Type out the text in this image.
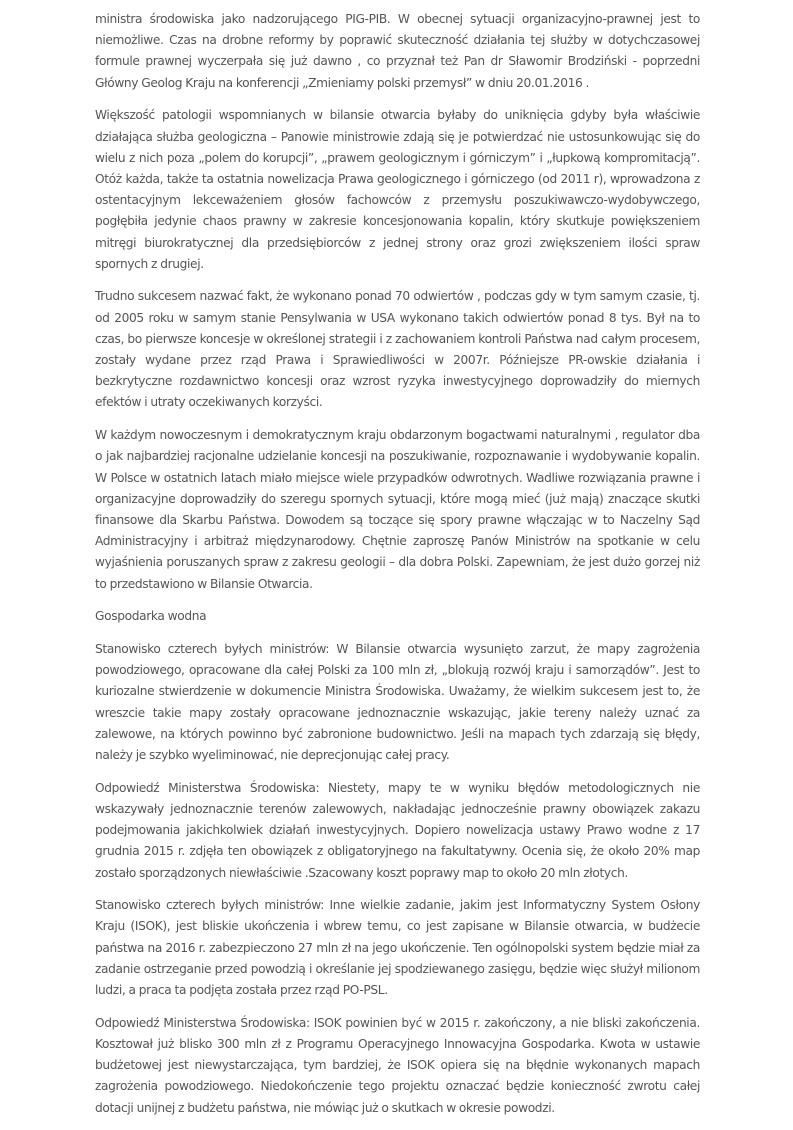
ministra środowiska jako nadzorującego PIG-PIB. W obecnej sytuacji organizacyjno-prawnej jest to niemożliwe. Czas na drobne reformy by poprawić skuteczność działania tej służby w dotychczasowej formule prawnej wyczerpała się już dawno , co przyznał też Pan dr Sławomir Brodziński - poprzedni Główny Geolog Kraju na konferencji „Zmieniamy polski przemysł” w dniu 20.01.2016 .

Większość patologii wspomnianych w bilansie otwarcia byłaby do uniknięcia gdyby była właściwie działająca służba geologiczna – Panowie ministrowie zdają się je potwierdzać nie ustosunkowując się do wielu z nich poza „polem do korupcji”, „prawem geologicznym i górniczym” i „łupkową kompromitacją”. Otóż każda, także ta ostatnia nowelizacja Prawa geologicznego i górniczego (od 2011 r), wprowadzona z ostentacyjnym lekceważeniem głosów fachowców z przemysłu poszukiwawczo-wydobywczego, pogłębiła jedynie chaos prawny w zakresie koncesjonowania kopalin, który skutkuje powiększeniem mitręgi biurokratycznej dla przedsiębiorców z jednej strony oraz grozi zwiększeniem ilości spraw spornych z drugiej.

Trudno sukcesem nazwać fakt, że wykonano ponad 70 odwiertów , podczas gdy w tym samym czasie, tj. od 2005 roku w samym stanie Pensylwania w USA wykonano takich odwiertów ponad 8 tys. Był na to czas, bo pierwsze koncesje w określonej strategii i z zachowaniem kontroli Państwa nad całym procesem, zostały wydane przez rząd Prawa i Sprawiedliwości w 2007r. Późniejsze PR-owskie działania i bezkrytyczne rozdawnictwo koncesji oraz wzrost ryzyka inwestycyjnego doprowadziły do miernych efektów i utraty oczekiwanych korzyści.

W każdym nowoczesnym i demokratycznym kraju obdarzonym bogactwami naturalnymi , regulator dba o jak najbardziej racjonalne udzielanie koncesji na poszukiwanie, rozpoznawanie i wydobywanie kopalin. W Polsce w ostatnich latach miało miejsce wiele przypadków odwrotnych. Wadliwe rozwiązania prawne i organizacyjne doprowadziły do szeregu spornych sytuacji, które mogą mieć (już mają) znaczące skutki finansowe dla Skarbu Państwa. Dowodem są toczące się spory prawne włączając w to Naczelny Sąd Administracyjny i arbitraż międzynarodowy. Chętnie zaproszę Panów Ministrów na spotkanie w celu wyjaśnienia poruszanych spraw z zakresu geologii – dla dobra Polski. Zapewniam, że jest dużo gorzej niż to przedstawiono w Bilansie Otwarcia.

Gospodarka wodna

Stanowisko czterech byłych ministrów: W Bilansie otwarcia wysunięto zarzut, że mapy zagrożenia powodziowego, opracowane dla całej Polski za 100 mln zł, „blokują rozwój kraju i samorządów”. Jest to kuriozalne stwierdzenie w dokumencie Ministra Środowiska. Uważamy, że wielkim sukcesem jest to, że wreszcie takie mapy zostały opracowane jednoznacznie wskazując, jakie tereny należy uznać za zalewowe, na których powinno być zabronione budownictwo. Jeśli na mapach tych zdarzają się błędy, należy je szybko wyeliminować, nie deprecjonując całej pracy.

Odpowiedź Ministerstwa Środowiska: Niestety, mapy te w wyniku błędów metodologicznych nie wskazywały jednoznacznie terenów zalewowych, nakładając jednocześnie prawny obowiązek zakazu podejmowania jakichkolwiek działań inwestycyjnych. Dopiero nowelizacja ustawy Prawo wodne z 17 grudnia 2015 r. zdjęła ten obowiązek z obligatoryjnego na fakultatywny. Ocenia się, że około 20% map zostało sporządzonych niewłaściwie .Szacowany koszt poprawy map to około 20 mln złotych.

Stanowisko czterech byłych ministrów: Inne wielkie zadanie, jakim jest Informatyczny System Osłony Kraju (ISOK), jest bliskie ukończenia i wbrew temu, co jest zapisane w Bilansie otwarcia, w budżecie państwa na 2016 r. zabezpieczono 27 mln zł na jego ukończenie. Ten ogólnopolski system będzie miał za zadanie ostrzeganie przed powodzią i określanie jej spodziewanego zasięgu, będzie więc służył milionom ludzi, a praca ta podjęta została przez rząd PO-PSL.

Odpowiedź Ministerstwa Środowiska: ISOK powinien być w 2015 r. zakończony, a nie bliski zakończenia. Kosztował już blisko 300 mln zł z Programu Operacyjnego Innowacyjna Gospodarka. Kwota w ustawie budżetowej jest niewystarczająca, tym bardziej, że ISOK opiera się na błędnie wykonanych mapach zagrożenia powodziowego. Niedokończenie tego projektu oznaczać będzie konieczność zwrotu całej dotacji unijnej z budżetu państwa, nie mówiąc już o skutkach w okresie powodzi.
